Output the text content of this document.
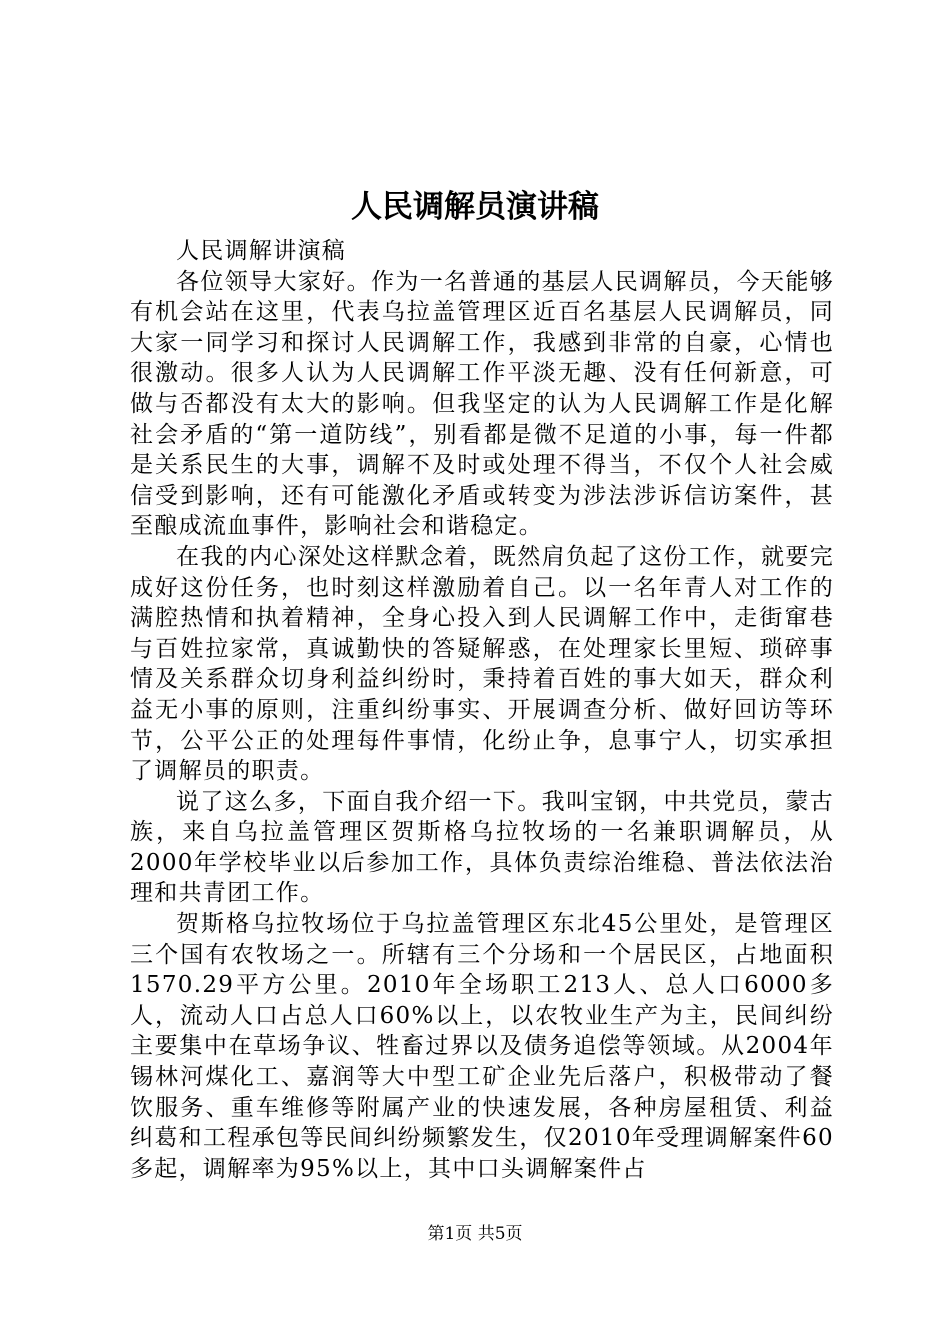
人民调解员演讲稿

人民调解讲演稿

各位领导大家好。作为一名普通的基层人民调解员，今天能够有机会站在这里，代表乌拉盖管理区近百名基层人民调解员，同大家一同学习和探讨人民调解工作，我感到非常的自豪，心情也很激动。很多人认为人民调解工作平淡无趣、没有任何新意，可做与否都没有太大的影响。但我坚定的认为人民调解工作是化解社会矛盾的“第一道防线”，别看都是微不足道的小事，每一件都是关系民生的大事，调解不及时或处理不得当，不仅个人社会威信受到影响，还有可能激化矛盾或转变为涉法涉诉信访案件，甚至酿成流血事件，影响社会和谐稳定。

在我的内心深处这样默念着，既然肩负起了这份工作，就要完成好这份任务，也时刻这样激励着自己。以一名年青人对工作的满腔热情和执着精神，全身心投入到人民调解工作中，走街窜巷与百姓拉家常，真诚勤快的答疑解惑，在处理家长里短、琐碎事情及关系群众切身利益纠纷时，秉持着百姓的事大如天，群众利益无小事的原则，注重纠纷事实、开展调查分析、做好回访等环节，公平公正的处理每件事情，化纷止争，息事宁人，切实承担了调解员的职责。

说了这么多，下面自我介绍一下。我叫宝钢，中共党员，蒙古族，来自乌拉盖管理区贺斯格乌拉牧场的一名兼职调解员，从2000年学校毕业以后参加工作，具体负责综治维稳、普法依法治理和共青团工作。

贺斯格乌拉牧场位于乌拉盖管理区东北45公里处，是管理区三个国有农牧场之一。所辖有三个分场和一个居民区，占地面积1570.29平方公里。2010年全场职工213人、总人口6000多人，流动人口占总人口60%以上，以农牧业生产为主，民间纠纷主要集中在草场争议、牲畜过界以及债务追偿等领域。从2004年锡林河煤化工、嘉润等大中型工矿企业先后落户，积极带动了餐饮服务、重车维修等附属产业的快速发展，各种房屋租赁、利益纠葛和工程承包等民间纠纷频繁发生，仅2010年受理调解案件60多起，调解率为95%以上，其中口头调解案件占

第1页 共5页
